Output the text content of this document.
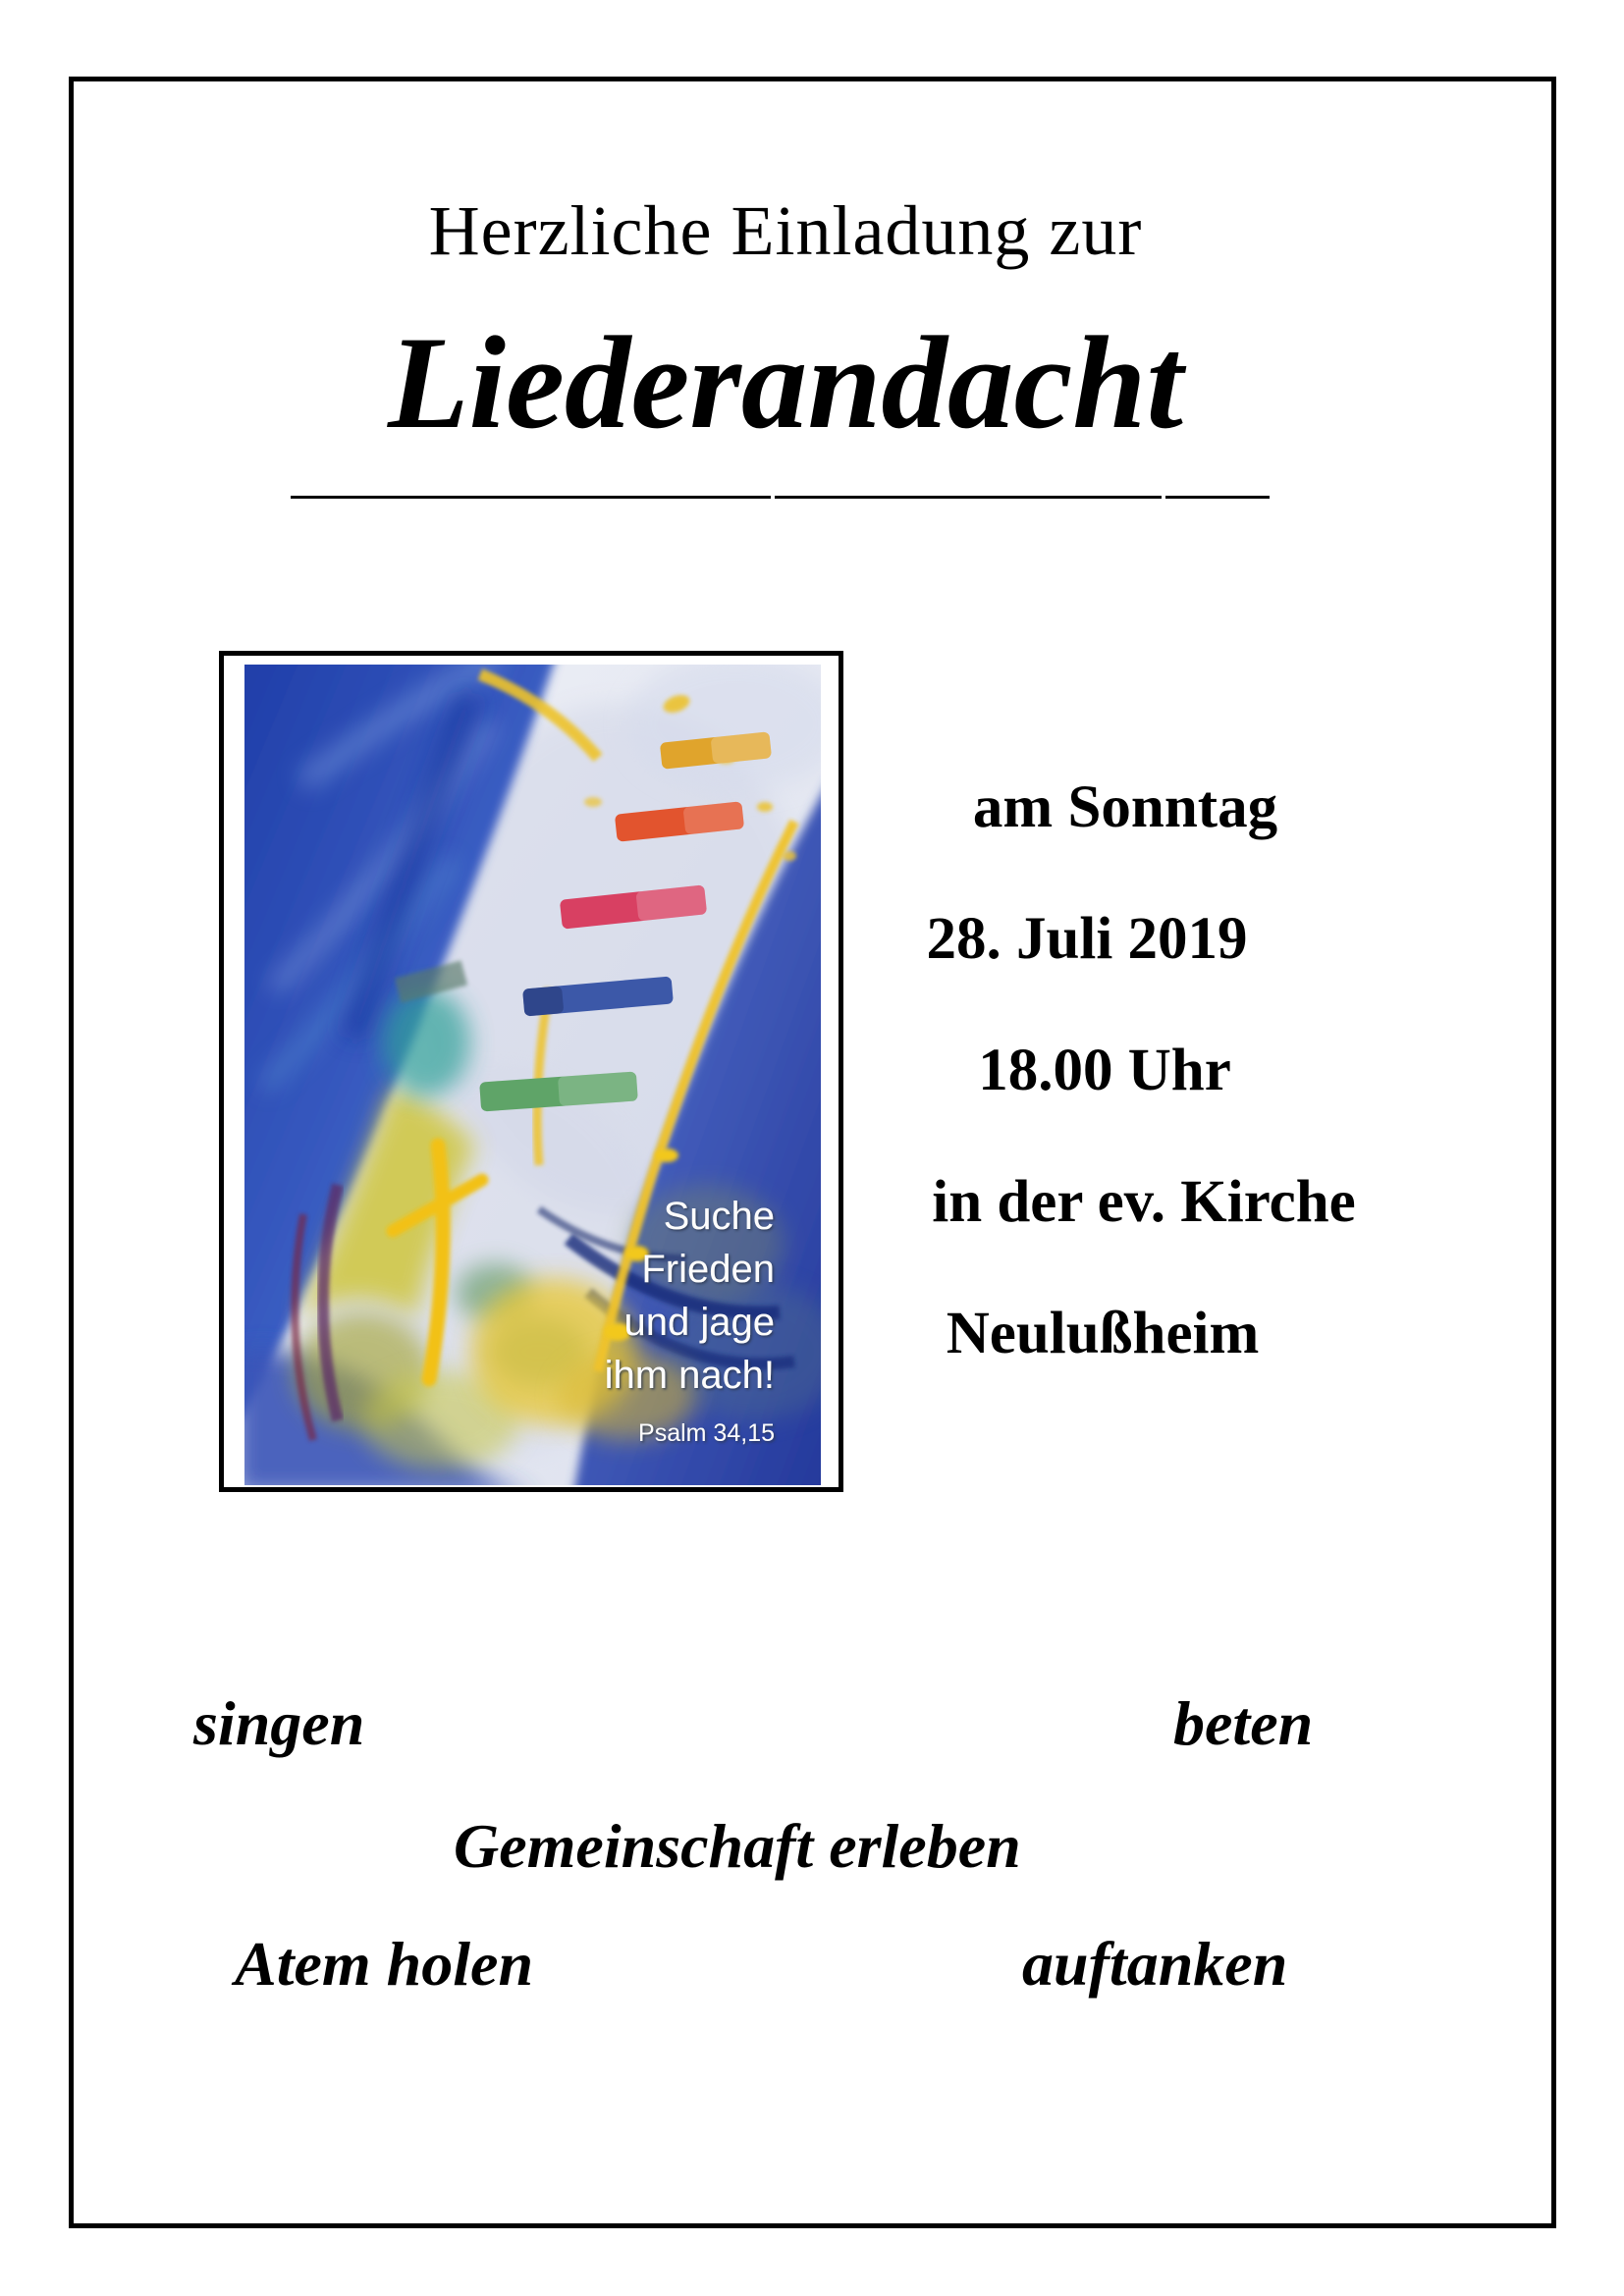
Herzliche Einladung zur
Liederandacht
Suche
Frieden
und jage
ihm nach!
Psalm 34,15
am Sonntag
28. Juli 2019
18.00 Uhr
in der ev. Kirche
Neulußheim
singen	beten
Gemeinschaft erleben
Atem holen	auftanken
